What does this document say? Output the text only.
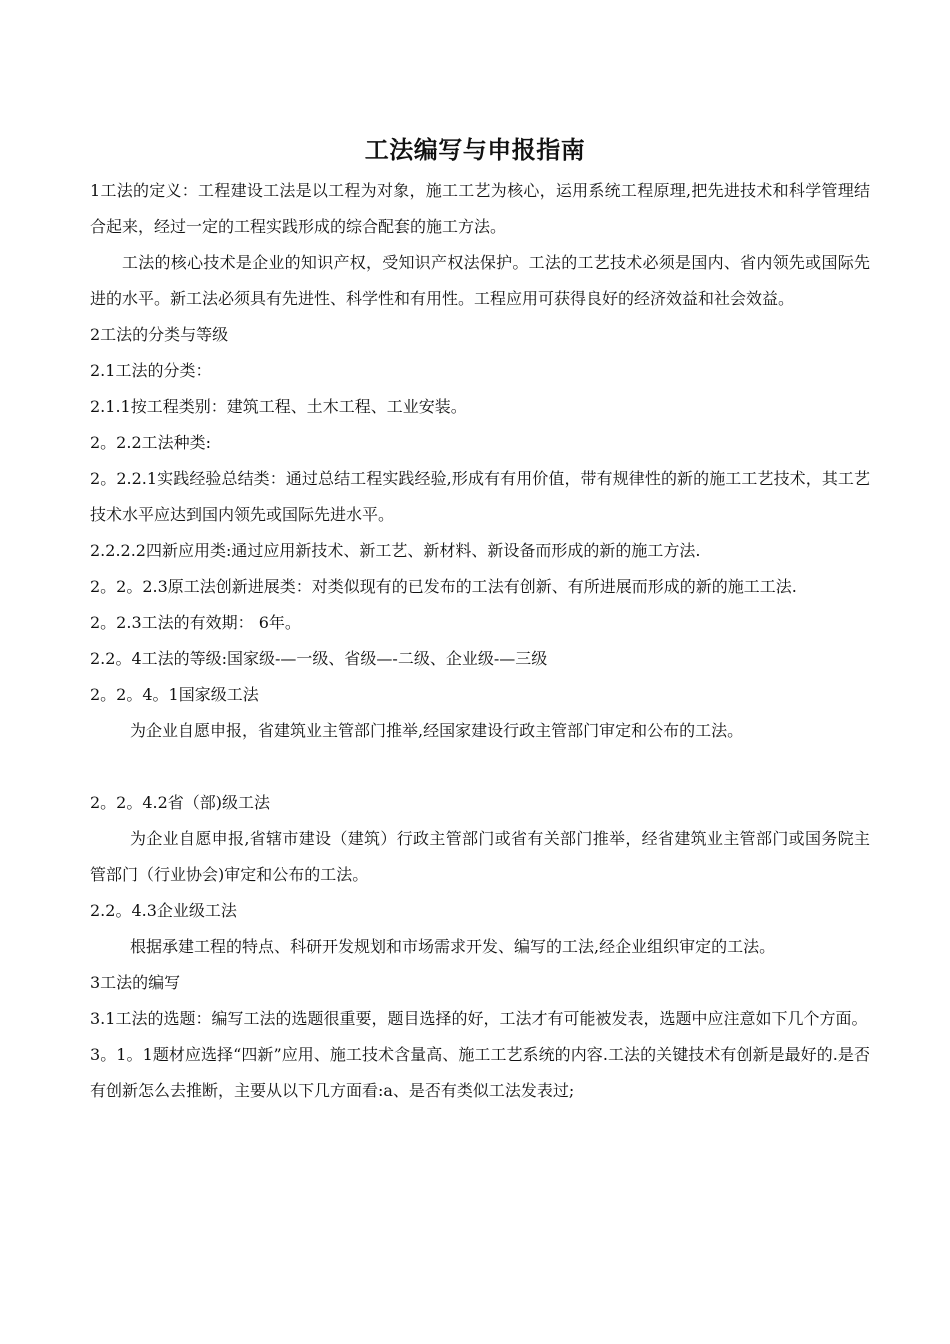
工法编写与申报指南

1工法的定义：工程建设工法是以工程为对象，施工工艺为核心，运用系统工程原理,把先进技术和科学管理结合起来，经过一定的工程实践形成的综合配套的施工方法。

工法的核心技术是企业的知识产权，受知识产权法保护。工法的工艺技术必须是国内、省内领先或国际先进的水平。新工法必须具有先进性、科学性和有用性。工程应用可获得良好的经济效益和社会效益。

2工法的分类与等级

2.1工法的分类：

2.1.1按工程类别：建筑工程、土木工程、工业安装。

2。2.2工法种类:

2。2.2.1实践经验总结类：通过总结工程实践经验,形成有有用价值，带有规律性的新的施工工艺技术，其工艺技术水平应达到国内领先或国际先进水平。

2.2.2.2四新应用类:通过应用新技术、新工艺、新材料、新设备而形成的新的施工方法.

2。2。2.3原工法创新进展类：对类似现有的已发布的工法有创新、有所进展而形成的新的施工工法.

2。2.3工法的有效期： 6年。

2.2。4工法的等级:国家级-—一级、省级—-二级、企业级-—三级

2。2。4。1国家级工法

为企业自愿申报，省建筑业主管部门推举,经国家建设行政主管部门审定和公布的工法。

2。2。4.2省（部)级工法

为企业自愿申报,省辖市建设（建筑）行政主管部门或省有关部门推举，经省建筑业主管部门或国务院主管部门（行业协会)审定和公布的工法。

2.2。4.3企业级工法

根据承建工程的特点、科研开发规划和市场需求开发、编写的工法,经企业组织审定的工法。

3工法的编写

3.1工法的选题：编写工法的选题很重要，题目选择的好，工法才有可能被发表，选题中应注意如下几个方面。

3。1。1题材应选择“四新”应用、施工技术含量高、施工工艺系统的内容.工法的关键技术有创新是最好的.是否有创新怎么去推断，主要从以下几方面看:a、是否有类似工法发表过;
